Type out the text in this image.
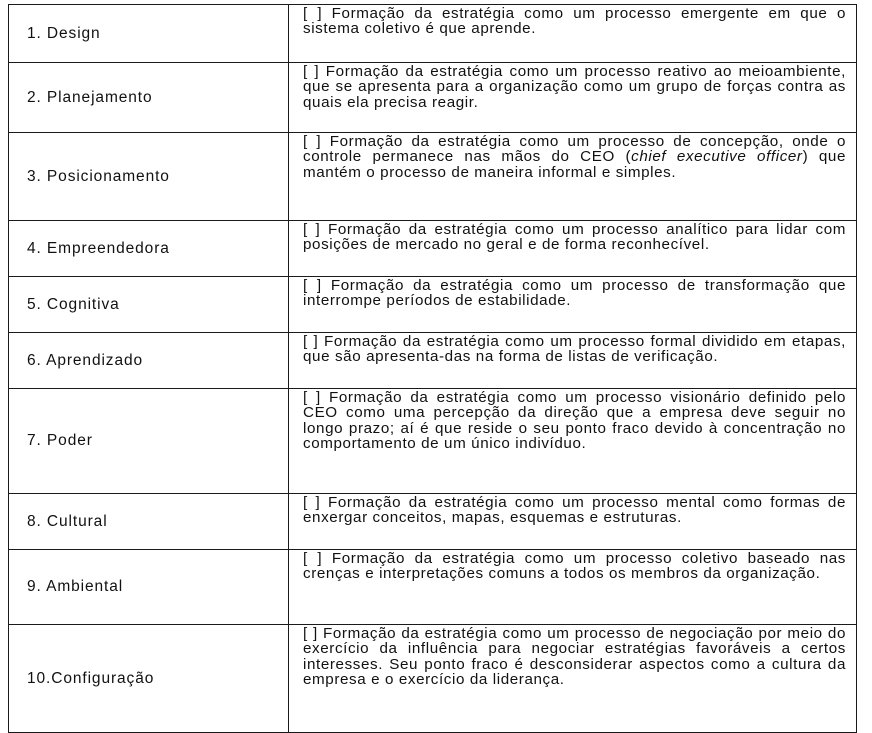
1. Design	[ ] Formação da estratégia como um processo emergente em que o sistema coletivo é que aprende.

2. Planejamento	[ ] Formação da estratégia como um processo reativo ao meioambiente, que se apresenta para a organização como um grupo de forças contra as quais ela precisa reagir.

3. Posicionamento	[ ] Formação da estratégia como um processo de concepção, onde o controle permanece nas mãos do CEO (chief executive officer) que mantém o processo de maneira informal e simples.

4. Empreendedora	[ ] Formação da estratégia como um processo analítico para lidar com posições de mercado no geral e de forma reconhecível.

5. Cognitiva	[ ] Formação da estratégia como um processo de transformação que interrompe períodos de estabilidade.

6. Aprendizado	[ ] Formação da estratégia como um processo formal dividido em etapas, que são apresenta-das na forma de listas de verificação.

7. Poder	[ ] Formação da estratégia como um processo visionário definido pelo CEO como uma percepção da direção que a empresa deve seguir no longo prazo; aí é que reside o seu ponto fraco devido à concentração no comportamento de um único indivíduo.

8. Cultural	[ ] Formação da estratégia como um processo mental como formas de enxergar conceitos, mapas, esquemas e estruturas.

9. Ambiental	[ ] Formação da estratégia como um processo coletivo baseado nas crenças e interpretações comuns a todos os membros da organização.

10.Configuração	[ ] Formação da estratégia como um processo de negociação por meio do exercício da influência para negociar estratégias favoráveis a certos interesses. Seu ponto fraco é desconsiderar aspectos como a cultura da empresa e o exercício da liderança.
